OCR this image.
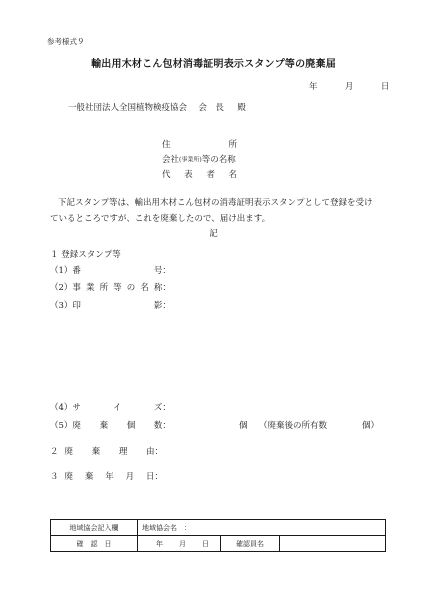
参考様式９
輸出用木材こん包材消毒証明表示スタンプ等の廃棄届
年	月	日
一般社団法人全国植物検疫協会 会　長 殿
住所
会社(事業所)等の名称
代表者名
下記スタンプ等は、輸出用木材こん包材の消毒証明表示スタンプとして登録を受け
ているところですが、これを廃棄したので、届け出ます。
記
１ 登録スタンプ等
（1）番号：
（2）事業所等の名称：
（3）印影：
（4）サイズ：
（5）廃棄個数：	個 （廃棄後の所有数	個）
２ 廃棄理由：
３ 廃棄年月日：
地域協会記入欄	地域協会名　：		
確　認　日	年 月 日	確認員名	
